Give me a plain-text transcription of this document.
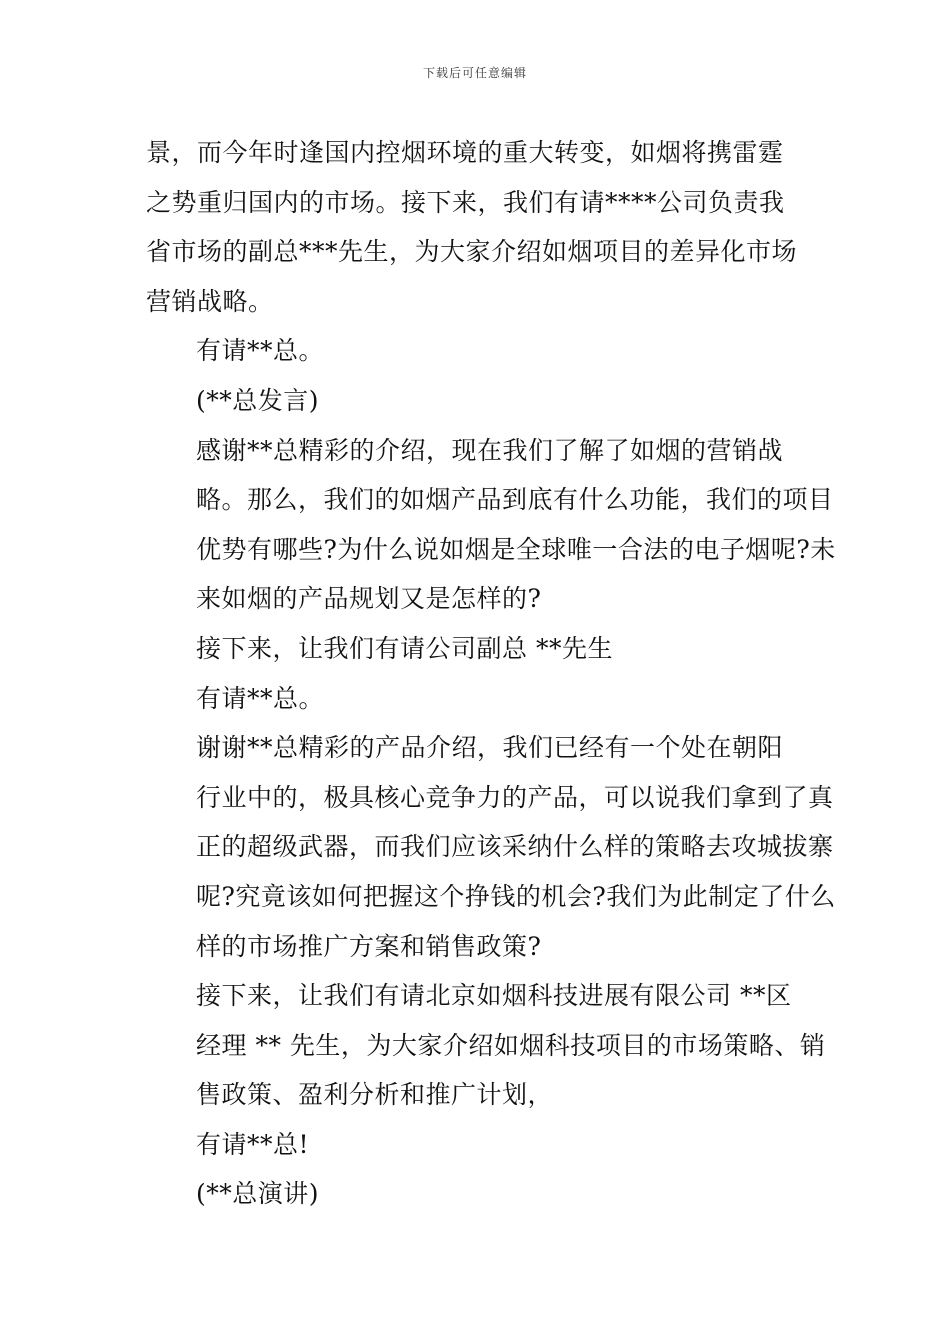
下载后可任意编辑

景，而今年时逢国内控烟环境的重大转变，如烟将携雷霆
之势重归国内的市场。接下来，我们有请****公司负责我
省市场的副总***先生，为大家介绍如烟项目的差异化市场
营销战略。

有请**总。

(**总发言)

感谢**总精彩的介绍，现在我们了解了如烟的营销战
略。那么，我们的如烟产品到底有什么功能，我们的项目
优势有哪些?为什么说如烟是全球唯一合法的电子烟呢?未
来如烟的产品规划又是怎样的?

接下来，让我们有请公司副总 **先生

有请**总。

谢谢**总精彩的产品介绍，我们已经有一个处在朝阳
行业中的，极具核心竞争力的产品，可以说我们拿到了真
正的超级武器，而我们应该采纳什么样的策略去攻城拔寨
呢?究竟该如何把握这个挣钱的机会?我们为此制定了什么
样的市场推广方案和销售政策?

接下来，让我们有请北京如烟科技进展有限公司 **区
经理 ** 先生，为大家介绍如烟科技项目的市场策略、销
售政策、盈利分析和推广计划，

有请**总!

(**总演讲)
